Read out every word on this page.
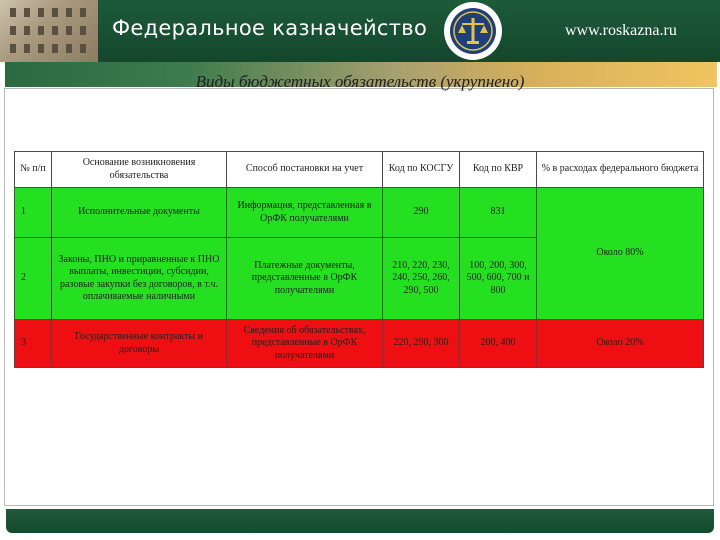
Федеральное казначейство	www.roskazna.ru
Виды бюджетных обязательств (укрупнено)
№ п/п	Основание возникновения обязательства	Способ постановки на учет	Код по КОСГУ	Код по КВР	% в расходах федерального бюджета
1	Исполнительные документы	Информация, представленная в ОрФК получателями	290	831	Около 80%
2	Законы, ПНО и приравненные к ПНО выплаты, инвестиции, субсидии, разовые закупки без договоров, в т.ч. оплачиваемые наличными	Платежные документы, представленные в ОрФК получателями	210, 220, 230, 240, 250, 260, 290, 500	100, 200, 300, 500, 600, 700 и 800	
3	Государственные контракты и договоры	Сведения об обязательствах, представленные в ОрФК получателями	220, 290, 300	200, 400	Около 20%
